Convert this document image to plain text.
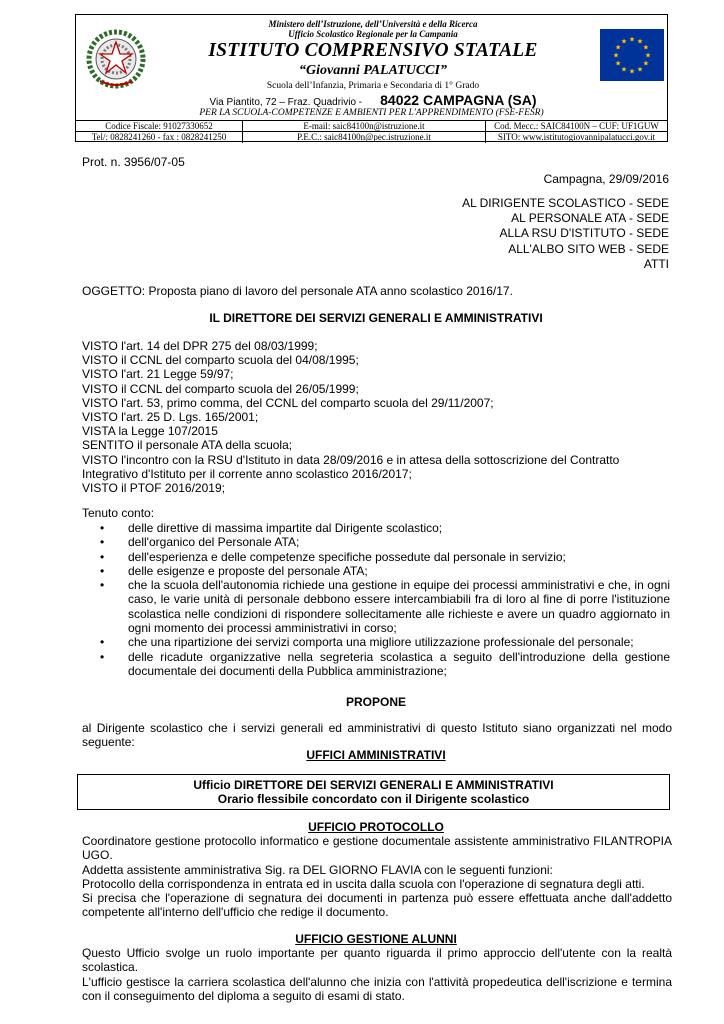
Ministero dell’Istruzione, dell’Università e della Ricerca
Ufficio Scolastico Regionale per la Campania
ISTITUTO COMPRENSIVO STATALE
“Giovanni PALATUCCI”
Scuola dell’Infanzia, Primaria e Secondaria di 1° Grado
Via Piantito, 72 – Fraz. Quadrivio - 84022 CAMPAGNA (SA)
★ ★
★
★
★
★
★
★
★
★
★
★
PER LA SCUOLA-COMPETENZE E AMBIENTI PER L'APPRENDIMENTO (FSE-FESR)
Codice Fiscale: 91027330652	E-mail: saic84100n@istruzione.it	Cod. Mecc.: SAIC84100N – CUF: UF1GUW
Tel/: 0828241260 - fax : 0828241250	P.E.C.: saic84100n@pec.istruzione.it	SITO: www.istitutogiovannipalatucci.gov.it
Prot. n. 3956/07-05
Campagna, 29/09/2016
AL DIRIGENTE SCOLASTICO - SEDE
AL PERSONALE ATA - SEDE
ALLA RSU D'ISTITUTO - SEDE
ALL'ALBO SITO WEB - SEDE
ATTI
OGGETTO: Proposta piano di lavoro del personale ATA anno scolastico 2016/17.
IL DIRETTORE DEI SERVIZI GENERALI E AMMINISTRATIVI
VISTO l'art. 14 del DPR 275 del 08/03/1999;
VISTO il CCNL del comparto scuola del 04/08/1995;
VISTO l'art. 21 Legge 59/97;
VISTO il CCNL del comparto scuola del 26/05/1999;
VISTO l'art. 53, primo comma, del CCNL del comparto scuola del 29/11/2007;
VISTO l'art. 25 D. Lgs. 165/2001;
VISTA la Legge 107/2015
SENTITO il personale ATA della scuola;
VISTO l'incontro con la RSU d'Istituto in data 28/09/2016 e in attesa della sottoscrizione del Contratto
Integrativo d'Istituto per il corrente anno scolastico 2016/2017;
VISTO il PTOF 2016/2019;
Tenuto conto:
• delle direttive di massima impartite dal Dirigente scolastico;
• dell'organico del Personale ATA;
• dell'esperienza e delle competenze specifiche possedute dal personale in servizio;
• delle esigenze e proposte del personale ATA;
• che la scuola dell'autonomia richiede una gestione in equipe dei processi amministrativi e che, in ogni caso, le varie unità di personale debbono essere intercambiabili fra di loro al fine di porre l'istituzione scolastica nelle condizioni di rispondere sollecitamente alle richieste e avere un quadro aggiornato in ogni momento dei processi amministrativi in corso;
• che una ripartizione dei servizi comporta una migliore utilizzazione professionale del personale;
• delle ricadute organizzative nella segreteria scolastica a seguito dell'introduzione della gestione documentale dei documenti della Pubblica amministrazione;
PROPONE
al Dirigente scolastico che i servizi generali ed amministrativi di questo Istituto siano organizzati nel modo seguente:
UFFICI AMMINISTRATIVI
Ufficio DIRETTORE DEI SERVIZI GENERALI E AMMINISTRATIVI
Orario flessibile concordato con il Dirigente scolastico
UFFICIO PROTOCOLLO
Coordinatore gestione protocollo informatico e gestione documentale assistente amministrativo FILANTROPIA UGO.
Addetta assistente amministrativa Sig. ra DEL GIORNO FLAVIA con le seguenti funzioni:
Protocollo della corrispondenza in entrata ed in uscita dalla scuola con l'operazione di segnatura degli atti.
Si precisa che l'operazione di segnatura dei documenti in partenza può essere effettuata anche dall'addetto competente all'interno dell'ufficio che redige il documento.
UFFICIO GESTIONE ALUNNI
Questo Ufficio svolge un ruolo importante per quanto riguarda il primo approccio dell'utente con la realtà scolastica.
L'ufficio gestisce la carriera scolastica dell'alunno che inizia con l'attività propedeutica dell'iscrizione e termina con il conseguimento del diploma a seguito di esami di stato.
